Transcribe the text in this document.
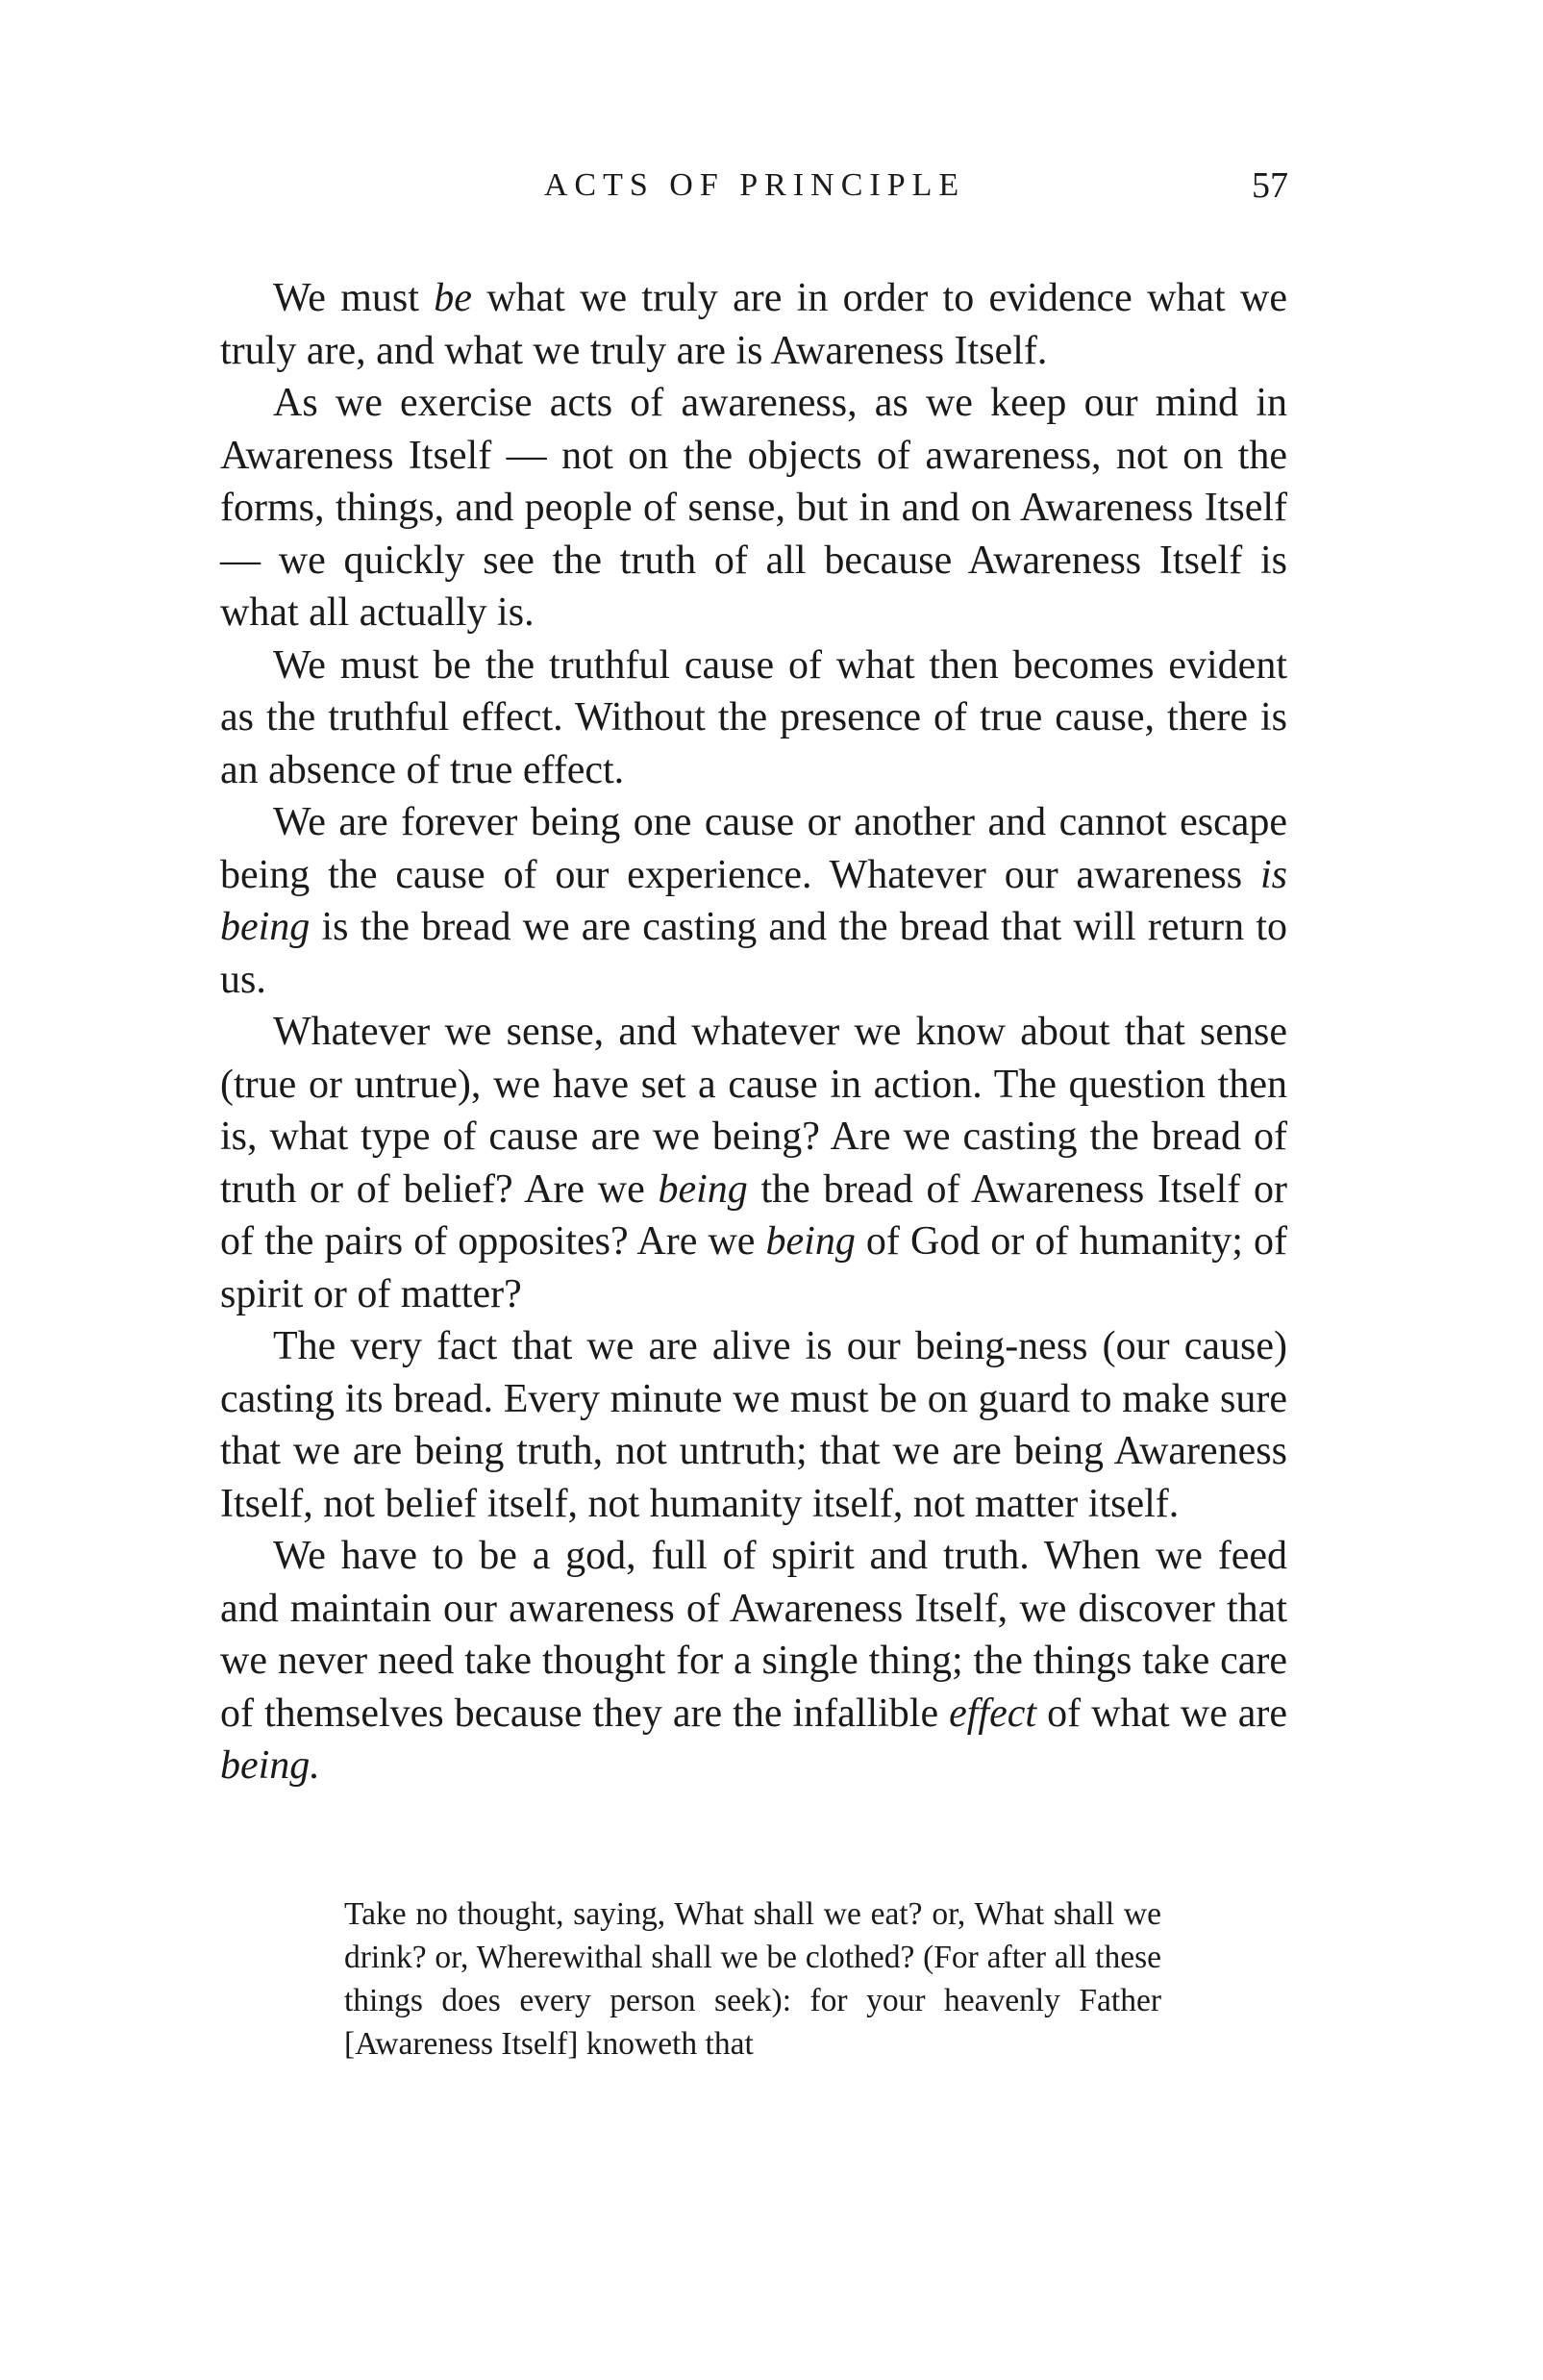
ACTS OF PRINCIPLE	57

We must be what we truly are in order to evidence what we truly are, and what we truly are is Awareness Itself.

As we exercise acts of awareness, as we keep our mind in Awareness Itself — not on the objects of awareness, not on the forms, things, and people of sense, but in and on Awareness Itself — we quickly see the truth of all because Awareness Itself is what all actually is.

We must be the truthful cause of what then becomes evident as the truthful effect. Without the presence of true cause, there is an absence of true effect.

We are forever being one cause or another and cannot escape being the cause of our experience. Whatever our awareness is being is the bread we are casting and the bread that will return to us.

Whatever we sense, and whatever we know about that sense (true or untrue), we have set a cause in action. The question then is, what type of cause are we being? Are we casting the bread of truth or of belief? Are we being the bread of Awareness Itself or of the pairs of opposites? Are we being of God or of humanity; of spirit or of matter?

The very fact that we are alive is our being-ness (our cause) casting its bread. Every minute we must be on guard to make sure that we are being truth, not untruth; that we are being Awareness Itself, not belief itself, not humanity itself, not matter itself.

We have to be a god, full of spirit and truth. When we feed and maintain our awareness of Awareness Itself, we discover that we never need take thought for a single thing; the things take care of themselves because they are the infallible effect of what we are being.

Take no thought, saying, What shall we eat? or, What shall we drink? or, Wherewithal shall we be clothed? (For after all these things does every person seek): for your heavenly Father [Awareness Itself] knoweth that
